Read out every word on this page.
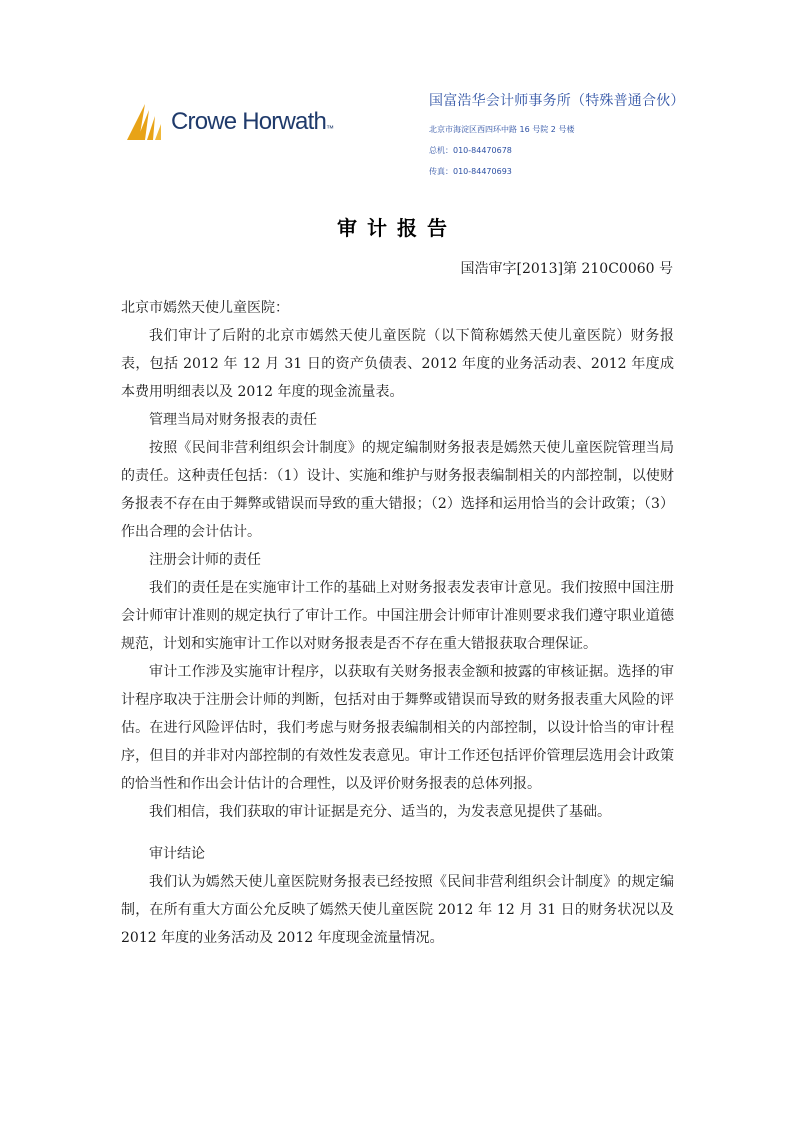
Crowe Horwath ™
国富浩华会计师事务所（特殊普通合伙）
北京市海淀区西四环中路 16 号院 2 号楼
总机：010-84470678
传真：010-84470693
审计报告
国浩审字[2013]第 210C0060 号

北京市嫣然天使儿童医院：

我们审计了后附的北京市嫣然天使儿童医院（以下简称嫣然天使儿童医院）财务报表，包括 2012 年 12 月 31 日的资产负债表、2012 年度的业务活动表、2012 年度成本费用明细表以及 2012 年度的现金流量表。

管理当局对财务报表的责任

按照《民间非营利组织会计制度》的规定编制财务报表是嫣然天使儿童医院管理当局的责任。这种责任包括：（1）设计、实施和维护与财务报表编制相关的内部控制，以使财务报表不存在由于舞弊或错误而导致的重大错报；（2）选择和运用恰当的会计政策；（3）作出合理的会计估计。

注册会计师的责任

我们的责任是在实施审计工作的基础上对财务报表发表审计意见。我们按照中国注册会计师审计准则的规定执行了审计工作。中国注册会计师审计准则要求我们遵守职业道德规范，计划和实施审计工作以对财务报表是否不存在重大错报获取合理保证。

审计工作涉及实施审计程序，以获取有关财务报表金额和披露的审核证据。选择的审计程序取决于注册会计师的判断，包括对由于舞弊或错误而导致的财务报表重大风险的评估。在进行风险评估时，我们考虑与财务报表编制相关的内部控制，以设计恰当的审计程序，但目的并非对内部控制的有效性发表意见。审计工作还包括评价管理层选用会计政策的恰当性和作出会计估计的合理性，以及评价财务报表的总体列报。

我们相信，我们获取的审计证据是充分、适当的，为发表意见提供了基础。

审计结论

我们认为嫣然天使儿童医院财务报表已经按照《民间非营利组织会计制度》的规定编制，在所有重大方面公允反映了嫣然天使儿童医院 2012 年 12 月 31 日的财务状况以及 2012 年度的业务活动及 2012 年度现金流量情况。
